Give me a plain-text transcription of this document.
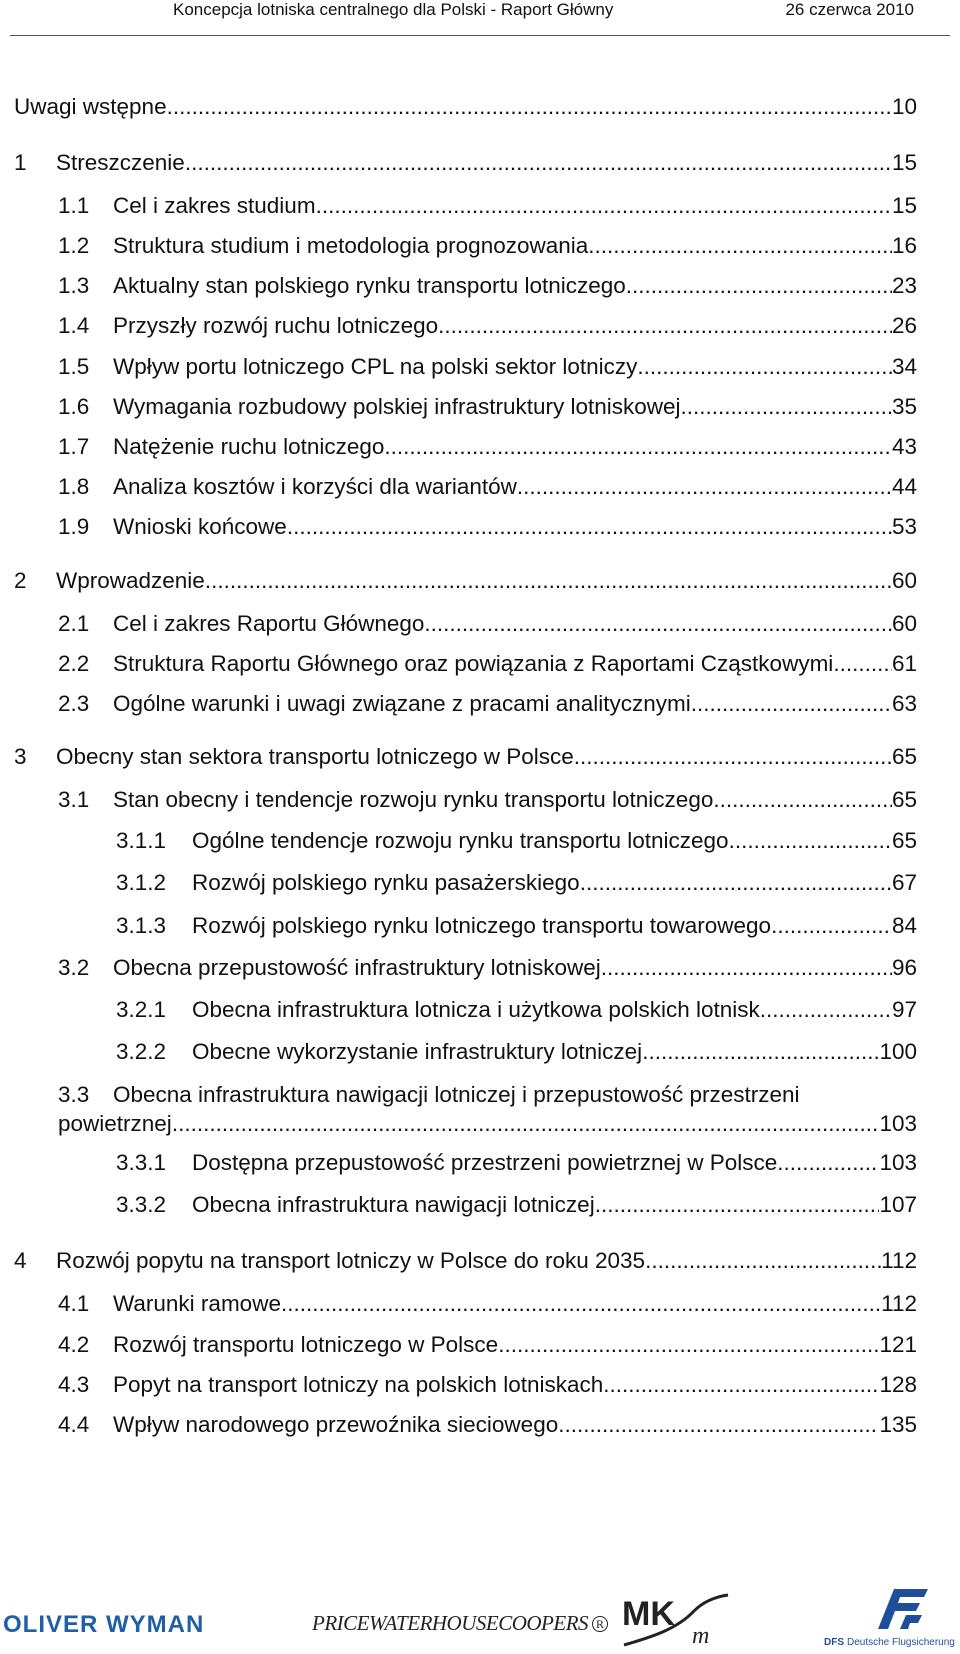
Koncepcja lotniska centralnego dla Polski - Raport Główny	26 czerwca 2010
Uwagi wstępne .....	10
1	Streszczenie .....	15
1.1	Cel i zakres studium .....	15
1.2	Struktura studium i metodologia prognozowania .....	16
1.3	Aktualny stan polskiego rynku transportu lotniczego .....	23
1.4	Przyszły rozwój ruchu lotniczego .....	26
1.5	Wpływ portu lotniczego CPL na polski sektor lotniczy .....	34
1.6	Wymagania rozbudowy polskiej infrastruktury lotniskowej .....	35
1.7	Natężenie ruchu lotniczego .....	43
1.8	Analiza kosztów i korzyści dla wariantów .....	44
1.9	Wnioski końcowe .....	53
2	Wprowadzenie .....	60
2.1	Cel i zakres Raportu Głównego .....	60
2.2	Struktura Raportu Głównego oraz powiązania z Raportami Cząstkowymi .....	61
2.3	Ogólne warunki i uwagi związane z pracami analitycznymi .....	63
3	Obecny stan sektora transportu lotniczego w Polsce .....	65
3.1	Stan obecny i tendencje rozwoju rynku transportu lotniczego .....	65
3.1.1	Ogólne tendencje rozwoju rynku transportu lotniczego .....	65
3.1.2	Rozwój polskiego rynku pasażerskiego .....	67
3.1.3	Rozwój polskiego rynku lotniczego transportu towarowego .....	84
3.2	Obecna przepustowość infrastruktury lotniskowej .....	96
3.2.1	Obecna infrastruktura lotnicza i użytkowa polskich lotnisk .....	97
3.2.2	Obecne wykorzystanie infrastruktury lotniczej .....	100
3.3 Obecna infrastruktura nawigacji lotniczej i przepustowość przestrzeni
powietrznej .....	103
3.3.1	Dostępna przepustowość przestrzeni powietrznej w Polsce .....	103
3.3.2	Obecna infrastruktura nawigacji lotniczej .....	107
4	Rozwój popytu na transport lotniczy w Polsce do roku 2035 .....	112
4.1	Warunki ramowe .....	112
4.2	Rozwój transportu lotniczego w Polsce .....	121
4.3	Popyt na transport lotniczy na polskich lotniskach .....	128
4.4	Wpływ narodowego przewoźnika sieciowego .....	135
OLIVER WYMAN	PRICEWATERHOUSECOOPERS R MK
m	DFS Deutsche Flugsicherung
